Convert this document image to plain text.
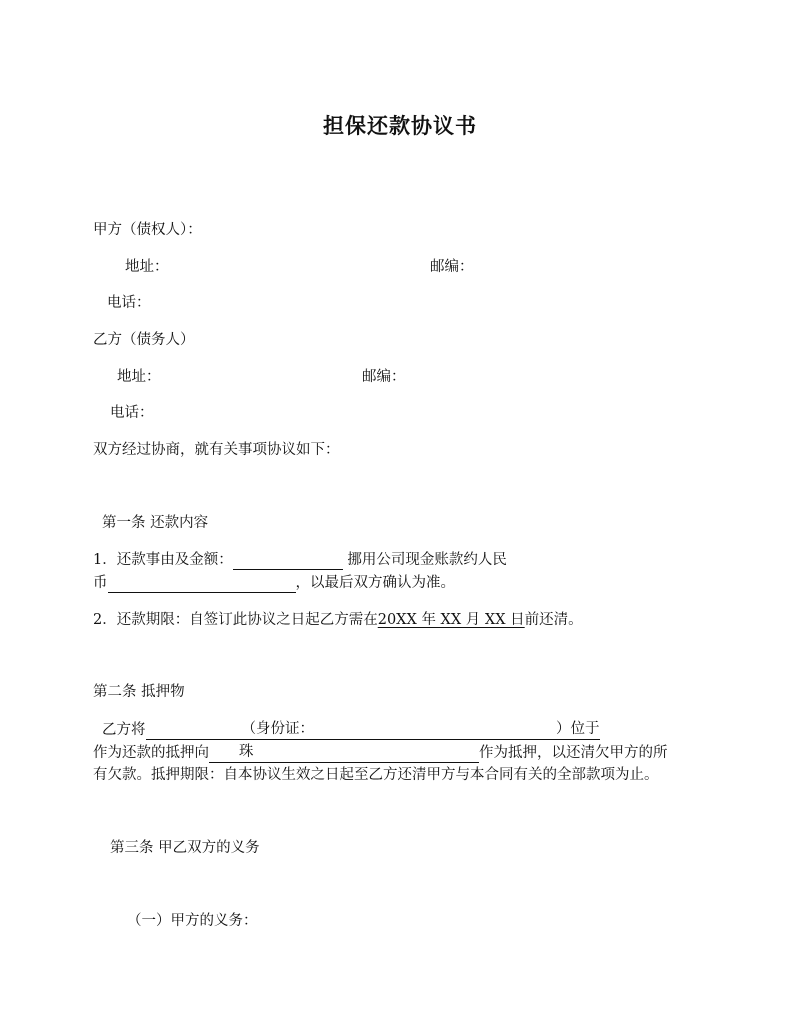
担保还款协议书

甲方（债权人）：

地址：	邮编：

电话：

乙方（债务人）

地址：	邮编：

电话：

双方经过协商，就有关事项协议如下：

第一条 还款内容

1．还款事由及金额：	挪用公司现金账款约人民

币	，以最后双方确认为准。

2．还款期限：自签订此协议之日起乙方需在20XX 年 XX 月 XX 日前还清。

第二条 抵押物

乙方将	（身份证：	）位于

作为还款的抵押向 珠	作为抵押，以还清欠甲方的所

有欠款。抵押期限：自本协议生效之日起至乙方还清甲方与本合同有关的全部款项为止。

第三条 甲乙双方的义务

（一）甲方的义务：
